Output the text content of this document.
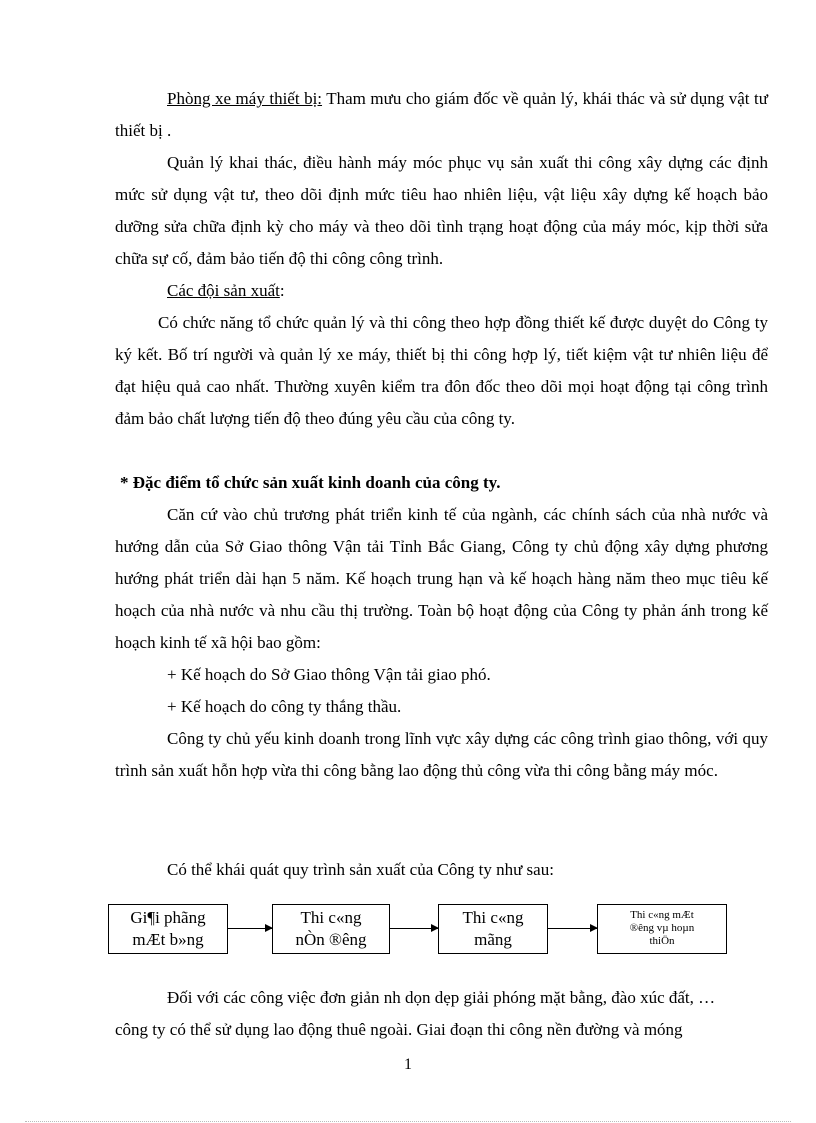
Phòng xe máy thiết bị: Tham mưu cho giám đốc về quản lý, khái thác và sử dụng vật tư thiết bị .

Quản lý khai thác, điều hành máy móc phục vụ sản xuất thi công xây dựng các định mức sử dụng vật tư, theo dõi định mức tiêu hao nhiên liệu, vật liệu xây dựng kế hoạch bảo dưỡng sửa chữa định kỳ cho máy và theo dõi tình trạng hoạt động của máy móc, kịp thời sửa chữa sự cố, đảm bảo tiến độ thi công công trình.

Các đội sản xuất:

Có chức năng tổ chức quản lý và thi công theo hợp đồng thiết kế được duyệt do Công ty ký kết. Bố trí người và quản lý xe máy, thiết bị thi công hợp lý, tiết kiệm vật tư nhiên liệu để đạt hiệu quả cao nhất. Thường xuyên kiểm tra đôn đốc theo dõi mọi hoạt động tại công trình đảm bảo chất lượng tiến độ theo đúng yêu cầu của công ty.

* Đặc điểm tổ chức sản xuất kinh doanh của công ty.

Căn cứ vào chủ trương phát triển kinh tế của ngành, các chính sách của nhà nước và hướng dẫn của Sở Giao thông Vận tải Tỉnh Bắc Giang, Công ty chủ động xây dựng phương hướng phát triển dài hạn 5 năm. Kế hoạch trung hạn và kế hoạch hàng năm theo mục tiêu kế hoạch của nhà nước và nhu cầu thị trường. Toàn bộ hoạt động của Công ty phản ánh trong kế hoạch kinh tế xã hội bao gồm:

+ Kế hoạch do Sở Giao thông Vận tải giao phó.

+ Kế hoạch do công ty thắng thầu.

Công ty chủ yếu kinh doanh trong lĩnh vực xây dựng các công trình giao thông, với quy trình sản xuất hỗn hợp vừa thi công bằng lao động thủ công vừa thi công bằng máy móc.

Có thể khái quát quy trình sản xuất của Công ty như sau:

Gi¶i phãng
mÆt b»ng
Thi c«ng
nÒn ®êng
Thi c«ng
mãng
Thi c«ng mÆt
®êng vµ hoµn
thiÖn
Đối với các công việc đơn giản nh dọn dẹp giải phóng mặt bằng, đào xúc đất, …
công ty có thể sử dụng lao động thuê ngoài. Giai đoạn thi công nền đường và móng
1
